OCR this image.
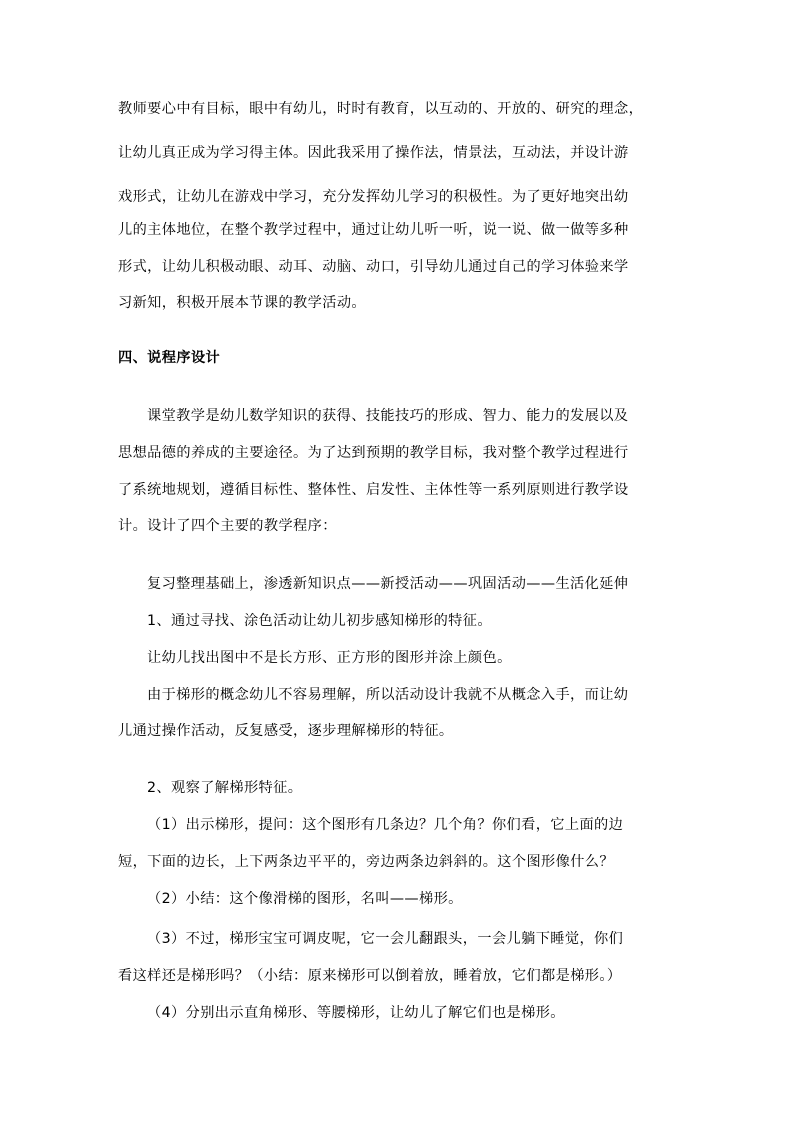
教师要心中有目标，眼中有幼儿，时时有教育，以互动的、开放的、研究的理念，
让幼儿真正成为学习得主体。因此我采用了操作法，情景法，互动法，并设计游
戏形式，让幼儿在游戏中学习，充分发挥幼儿学习的积极性。为了更好地突出幼
儿的主体地位，在整个教学过程中，通过让幼儿听一听，说一说、做一做等多种
形式，让幼儿积极动眼、动耳、动脑、动口，引导幼儿通过自己的学习体验来学
习新知，积极开展本节课的教学活动。
四、说程序设计
课堂教学是幼儿数学知识的获得、技能技巧的形成、智力、能力的发展以及
思想品德的养成的主要途径。为了达到预期的教学目标，我对整个教学过程进行
了系统地规划，遵循目标性、整体性、启发性、主体性等一系列原则进行教学设
计。设计了四个主要的教学程序：
复习整理基础上，渗透新知识点——新授活动——巩固活动——生活化延伸
1、通过寻找、涂色活动让幼儿初步感知梯形的特征。
让幼儿找出图中不是长方形、正方形的图形并涂上颜色。
由于梯形的概念幼儿不容易理解，所以活动设计我就不从概念入手，而让幼
儿通过操作活动，反复感受，逐步理解梯形的特征。
2、观察了解梯形特征。
（1）出示梯形，提问：这个图形有几条边？几个角？你们看，它上面的边
短，下面的边长，上下两条边平平的，旁边两条边斜斜的。这个图形像什么？
（2）小结：这个像滑梯的图形，名叫——梯形。
（3）不过，梯形宝宝可调皮呢，它一会儿翻跟头，一会儿躺下睡觉，你们
看这样还是梯形吗？（小结：原来梯形可以倒着放，睡着放，它们都是梯形。）
（4）分别出示直角梯形、等腰梯形，让幼儿了解它们也是梯形。
